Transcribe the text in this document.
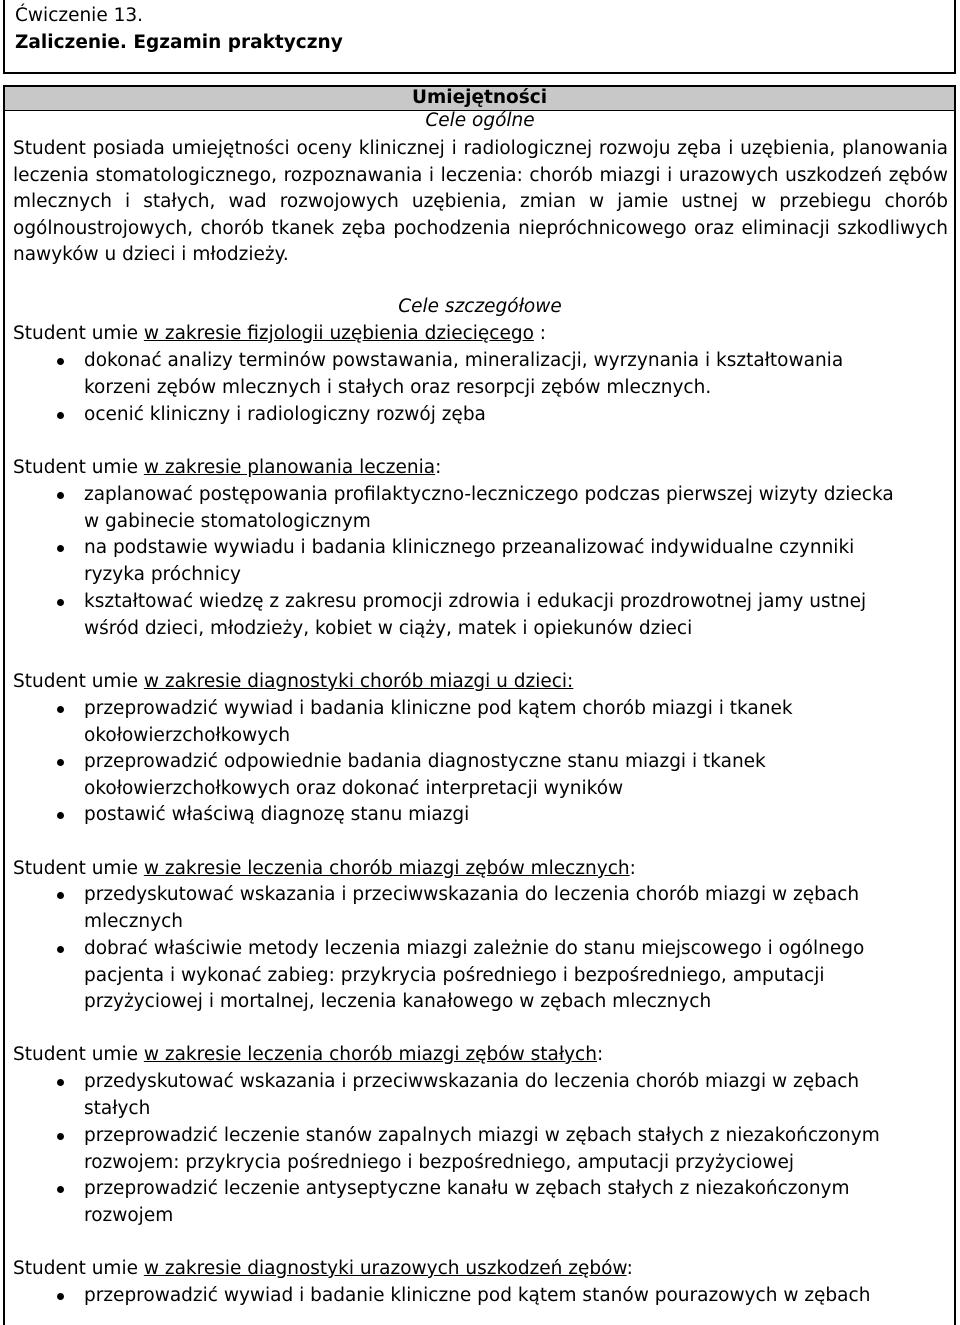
Ćwiczenie 13.
Zaliczenie. Egzamin praktyczny
Umiejętności
Cele ogólne
Student posiada umiejętności oceny klinicznej i radiologicznej rozwoju zęba i uzębienia, planowania leczenia stomatologicznego, rozpoznawania i leczenia: chorób miazgi i urazowych uszkodzeń zębów mlecznych i stałych, wad rozwojowych uzębienia, zmian w jamie ustnej w przebiegu chorób ogólnoustrojowych, chorób tkanek zęba pochodzenia niepróchnicowego oraz eliminacji szkodliwych nawyków u dzieci i młodzieży.
Cele szczegółowe
Student umie w zakresie fizjologii uzębienia dziecięcego :
dokonać analizy terminów powstawania, mineralizacji, wyrzynania i kształtowania
korzeni zębów mlecznych i stałych oraz resorpcji zębów mlecznych.
ocenić kliniczny i radiologiczny rozwój zęba
Student umie w zakresie planowania leczenia:
zaplanować postępowania profilaktyczno-leczniczego podczas pierwszej wizyty dziecka
w gabinecie stomatologicznym
na podstawie wywiadu i badania klinicznego przeanalizować indywidualne czynniki
ryzyka próchnicy
kształtować wiedzę z zakresu promocji zdrowia i edukacji prozdrowotnej jamy ustnej
wśród dzieci, młodzieży, kobiet w ciąży, matek i opiekunów dzieci
Student umie w zakresie diagnostyki chorób miazgi u dzieci:
przeprowadzić wywiad i badania kliniczne pod kątem chorób miazgi i tkanek
okołowierzchołkowych
przeprowadzić odpowiednie badania diagnostyczne stanu miazgi i tkanek
okołowierzchołkowych oraz dokonać interpretacji wyników
postawić właściwą diagnozę stanu miazgi
Student umie w zakresie leczenia chorób miazgi zębów mlecznych:
przedyskutować wskazania i przeciwwskazania do leczenia chorób miazgi w zębach
mlecznych
dobrać właściwie metody leczenia miazgi zależnie do stanu miejscowego i ogólnego
pacjenta i wykonać zabieg: przykrycia pośredniego i bezpośredniego, amputacji
przyżyciowej i mortalnej, leczenia kanałowego w zębach mlecznych
Student umie w zakresie leczenia chorób miazgi zębów stałych:
przedyskutować wskazania i przeciwwskazania do leczenia chorób miazgi w zębach
stałych
przeprowadzić leczenie stanów zapalnych miazgi w zębach stałych z niezakończonym
rozwojem: przykrycia pośredniego i bezpośredniego, amputacji przyżyciowej
przeprowadzić leczenie antyseptyczne kanału w zębach stałych z niezakończonym
rozwojem
Student umie w zakresie diagnostyki urazowych uszkodzeń zębów:
przeprowadzić wywiad i badanie kliniczne pod kątem stanów pourazowych w zębach
